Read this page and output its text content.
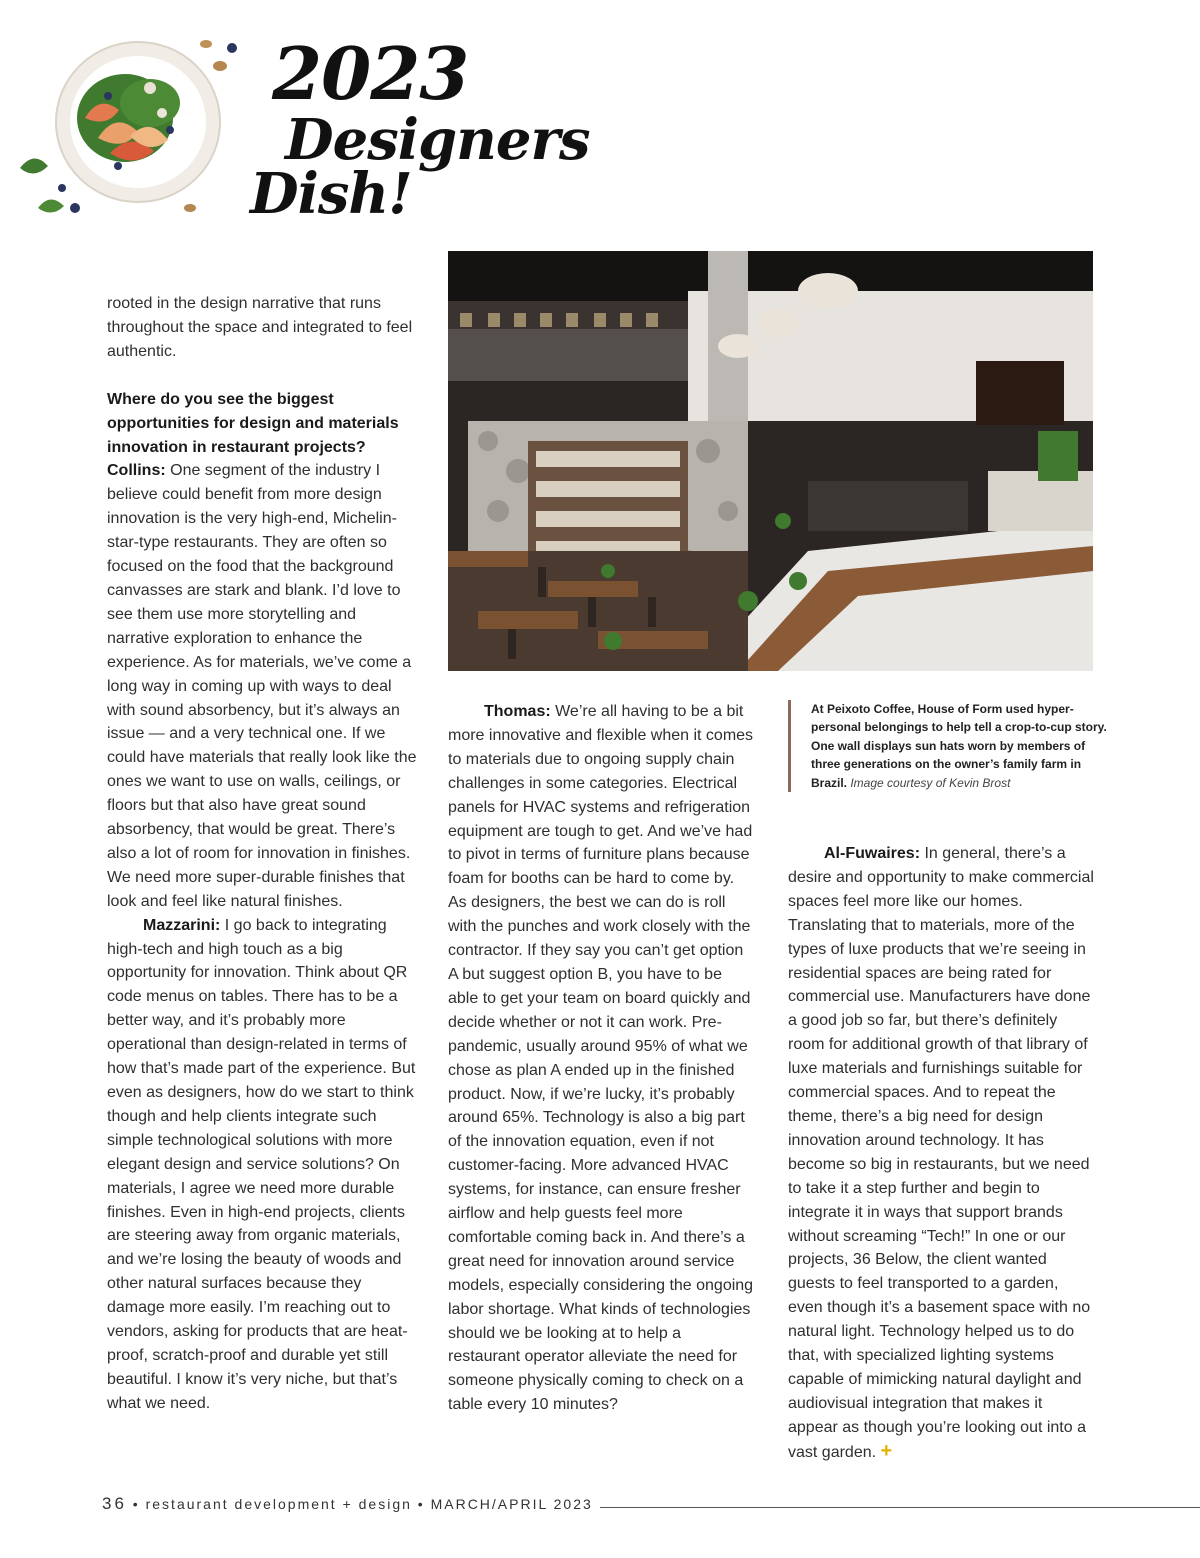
2023
Designers
Dish!

rooted in the design narrative that runs throughout the space and integrated to feel authentic.

Where do you see the biggest opportunities for design and materials innovation in restaurant projects?

Collins: One segment of the industry I believe could benefit from more design innovation is the very high-end, Michelin-star-type restaurants. They are often so focused on the food that the background canvasses are stark and blank. I’d love to see them use more storytelling and narrative exploration to enhance the experience. As for materials, we’ve come a long way in coming up with ways to deal with sound absorbency, but it’s always an issue — and a very technical one. If we could have materials that really look like the ones we want to use on walls, ceilings, or floors but that also have great sound absorbency, that would be great. There’s also a lot of room for innovation in finishes. We need more super-durable finishes that look and feel like natural finishes.

Mazzarini: I go back to integrating high-tech and high touch as a big opportunity for innovation. Think about QR code menus on tables. There has to be a better way, and it’s probably more operational than design-related in terms of how that’s made part of the experience. But even as designers, how do we start to think though and help clients integrate such simple technological solutions with more elegant design and service solutions? On materials, I agree we need more durable finishes. Even in high-end projects, clients are steering away from organic materials, and we’re losing the beauty of woods and other natural surfaces because they damage more easily. I’m reaching out to vendors, asking for products that are heat-proof, scratch-proof and durable yet still beautiful. I know it’s very niche, but that’s what we need.

At Peixoto Coffee, House of Form used hyper-personal belongings to help tell a crop-to-cup story. One wall displays sun hats worn by members of three generations on the owner’s family farm in Brazil. Image courtesy of Kevin Brost

Thomas: We’re all having to be a bit more innovative and flexible when it comes to materials due to ongoing supply chain challenges in some categories. Electrical panels for HVAC systems and refrigeration equipment are tough to get. And we’ve had to pivot in terms of furniture plans because foam for booths can be hard to come by. As designers, the best we can do is roll with the punches and work closely with the contractor. If they say you can’t get option A but suggest option B, you have to be able to get your team on board quickly and decide whether or not it can work. Pre-pandemic, usually around 95% of what we chose as plan A ended up in the finished product. Now, if we’re lucky, it’s probably around 65%. Technology is also a big part of the innovation equation, even if not customer-facing. More advanced HVAC systems, for instance, can ensure fresher airflow and help guests feel more comfortable coming back in. And there’s a great need for innovation around service models, especially considering the ongoing labor shortage. What kinds of technologies should we be looking at to help a restaurant operator alleviate the need for someone physically coming to check on a table every 10 minutes?

Al-Fuwaires: In general, there’s a desire and opportunity to make commercial spaces feel more like our homes. Translating that to materials, more of the types of luxe products that we’re seeing in residential spaces are being rated for commercial use. Manufacturers have done a good job so far, but there’s definitely room for additional growth of that library of luxe materials and furnishings suitable for commercial spaces. And to repeat the theme, there’s a big need for design innovation around technology. It has become so big in restaurants, but we need to take it a step further and begin to integrate it in ways that support brands without screaming “Tech!” In one or our projects, 36 Below, the client wanted guests to feel transported to a garden, even though it’s a basement space with no natural light. Technology helped us to do that, with specialized lighting systems capable of mimicking natural daylight and audiovisual integration that makes it appear as though you’re looking out into a vast garden. +

36 • restaurant development + design • MARCH/APRIL 2023
